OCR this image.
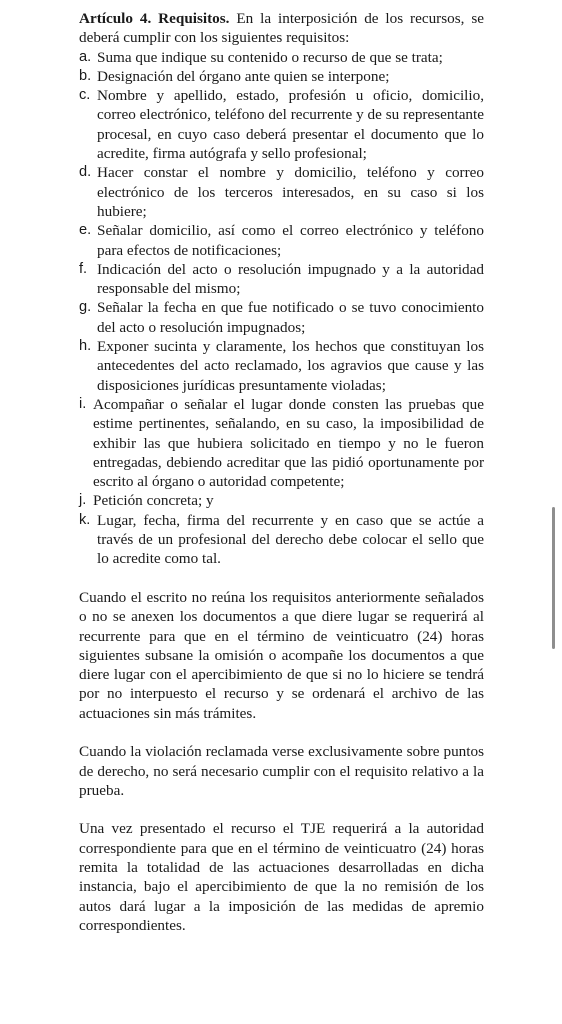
Artículo 4. Requisitos. En la interposición de los recursos, se deberá cumplir con los siguientes requisitos:

a. Suma que indique su contenido o recurso de que se trata;
b. Designación del órgano ante quien se interpone;
c. Nombre y apellido, estado, profesión u oficio, domicilio, correo electrónico, teléfono del recurrente y de su representante procesal, en cuyo caso deberá presentar el documento que lo acredite, firma autógrafa y sello profesional;
d. Hacer constar el nombre y domicilio, teléfono y correo electrónico de los terceros interesados, en su caso si los hubiere;
e. Señalar domicilio, así como el correo electrónico y teléfono para efectos de notificaciones;
f. Indicación del acto o resolución impugnado y a la autoridad responsable del mismo;
g. Señalar la fecha en que fue notificado o se tuvo conocimiento del acto o resolución impugnados;
h. Exponer sucinta y claramente, los hechos que constituyan los antecedentes del acto reclamado, los agravios que cause y las disposiciones jurídicas presuntamente violadas;
i. Acompañar o señalar el lugar donde consten las pruebas que estime pertinentes, señalando, en su caso, la imposibilidad de exhibir las que hubiera solicitado en tiempo y no le fueron entregadas, debiendo acreditar que las pidió oportunamente por escrito al órgano o autoridad competente;
j. Petición concreta; y
k. Lugar, fecha, firma del recurrente y en caso que se actúe a través de un profesional del derecho debe colocar el sello que lo acredite como tal.

Cuando el escrito no reúna los requisitos anteriormente señalados o no se anexen los documentos a que diere lugar se requerirá al recurrente para que en el término de veinticuatro (24) horas siguientes subsane la omisión o acompañe los documentos a que diere lugar con el apercibimiento de que si no lo hiciere se tendrá por no interpuesto el recurso y se ordenará el archivo de las actuaciones sin más trámites.

Cuando la violación reclamada verse exclusivamente sobre puntos de derecho, no será necesario cumplir con el requisito relativo a la prueba.

Una vez presentado el recurso el TJE requerirá a la autoridad correspondiente para que en el término de veinticuatro (24) horas remita la totalidad de las actuaciones desarrolladas en dicha instancia, bajo el apercibimiento de que la no remisión de los autos dará lugar a la imposición de las medidas de apremio correspondientes.
